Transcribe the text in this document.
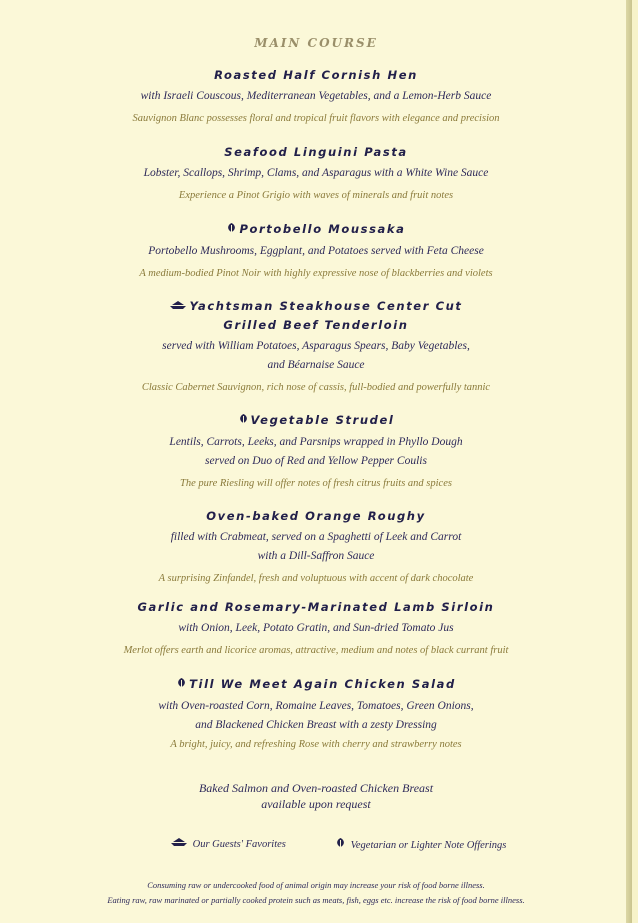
MAIN COURSE
Roasted Half Cornish Hen
with Israeli Couscous, Mediterranean Vegetables, and a Lemon-Herb Sauce
Sauvignon Blanc possesses floral and tropical fruit flavors with elegance and precision
Seafood Linguini Pasta
Lobster, Scallops, Shrimp, Clams, and Asparagus with a White Wine Sauce
Experience a Pinot Grigio with waves of minerals and fruit notes
Portobello Moussaka
Portobello Mushrooms, Eggplant, and Potatoes served with Feta Cheese
A medium-bodied Pinot Noir with highly expressive nose of blackberries and violets
Yachtsman Steakhouse Center Cut
Grilled Beef Tenderloin
served with William Potatoes, Asparagus Spears, Baby Vegetables,
and Béarnaise Sauce
Classic Cabernet Sauvignon, rich nose of cassis, full-bodied and powerfully tannic
Vegetable Strudel
Lentils, Carrots, Leeks, and Parsnips wrapped in Phyllo Dough
served on Duo of Red and Yellow Pepper Coulis
The pure Riesling will offer notes of fresh citrus fruits and spices
Oven-baked Orange Roughy
filled with Crabmeat, served on a Spaghetti of Leek and Carrot
with a Dill-Saffron Sauce
A surprising Zinfandel, fresh and voluptuous with accent of dark chocolate
Garlic and Rosemary-Marinated Lamb Sirloin
with Onion, Leek, Potato Gratin, and Sun-dried Tomato Jus
Merlot offers earth and licorice aromas, attractive, medium and notes of black currant fruit
Till We Meet Again Chicken Salad
with Oven-roasted Corn, Romaine Leaves, Tomatoes, Green Onions,
and Blackened Chicken Breast with a zesty Dressing
A bright, juicy, and refreshing Rose with cherry and strawberry notes
Baked Salmon and Oven-roasted Chicken Breast
available upon request
Our Guests' Favorites	Vegetarian or Lighter Note Offerings
Consuming raw or undercooked food of animal origin may increase your risk of food borne illness.
Eating raw, raw marinated or partially cooked protein such as meats, fish, eggs etc. increase the risk of food borne illness.
